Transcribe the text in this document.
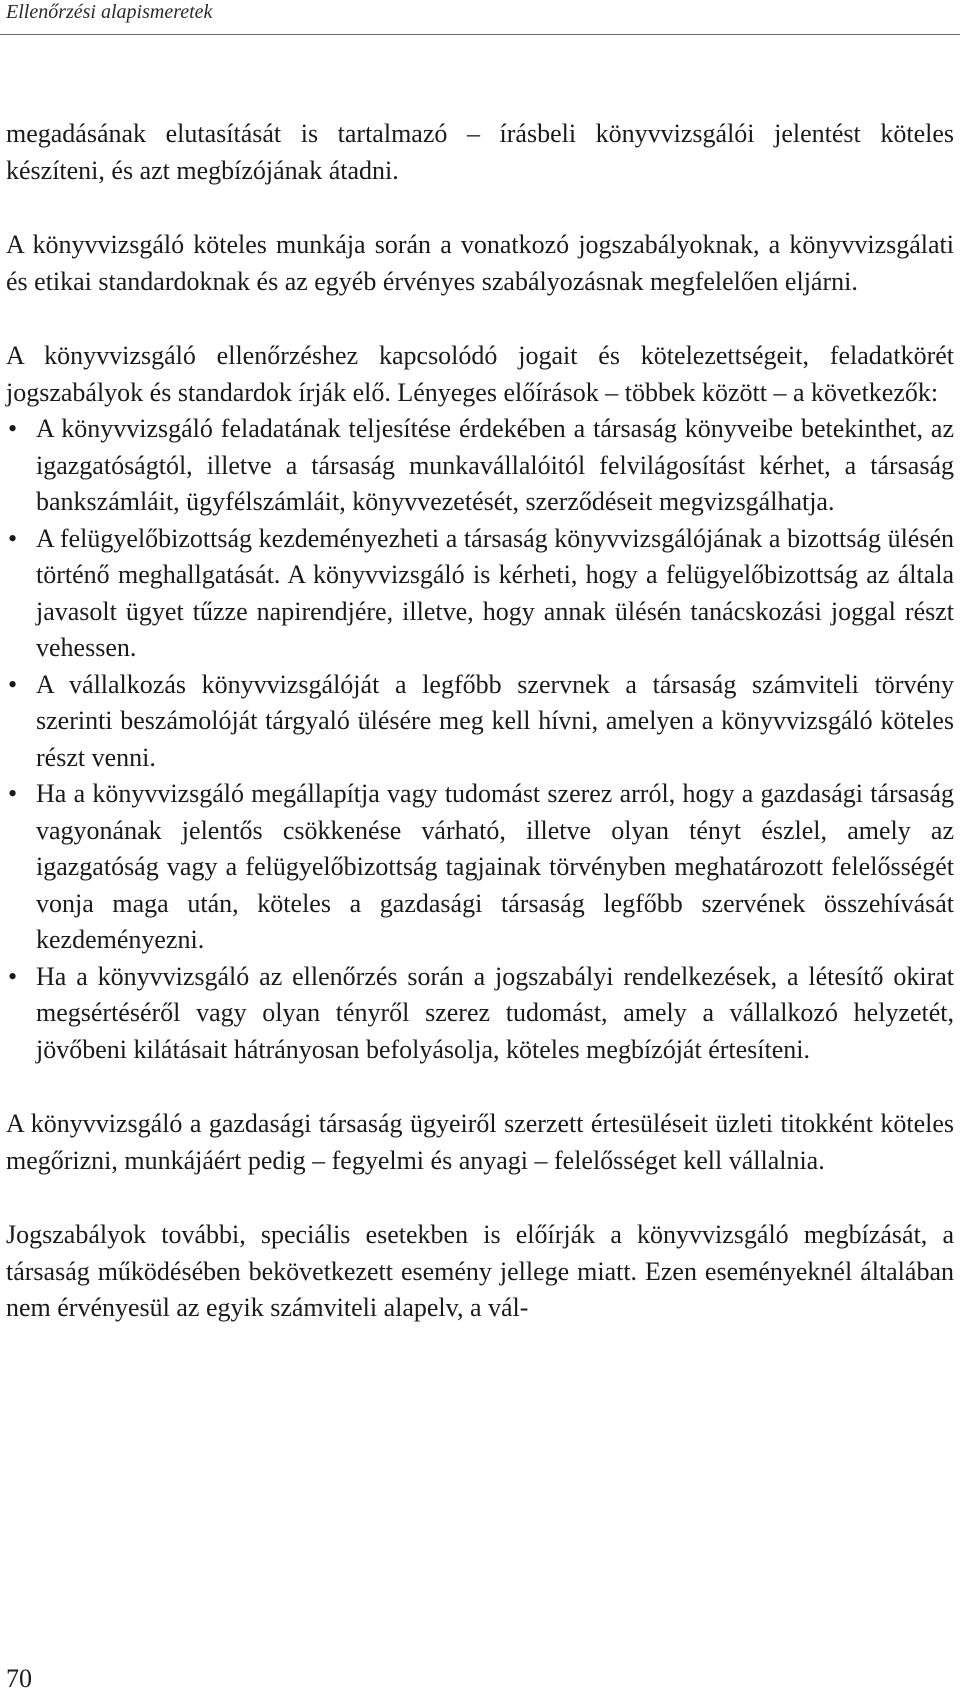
Ellenőrzési alapismeretek

megadásának elutasítását is tartalmazó – írásbeli könyvvizsgálói jelentést köteles készíteni, és azt megbízójának átadni.

A könyvvizsgáló köteles munkája során a vonatkozó jogszabályoknak, a könyvvizsgálati és etikai standardoknak és az egyéb érvényes szabályozásnak megfelelően eljárni.

A könyvvizsgáló ellenőrzéshez kapcsolódó jogait és kötelezettségeit, feladatkörét jogszabályok és standardok írják elő. Lényeges előírások – többek között – a következők:

• A könyvvizsgáló feladatának teljesítése érdekében a társaság könyveibe betekinthet, az igazgatóságtól, illetve a társaság munkavállalóitól felvilágosítást kérhet, a társaság bankszámláit, ügyfélszámláit, könyvvezetését, szerződéseit megvizsgálhatja.
• A felügyelőbizottság kezdeményezheti a társaság könyvvizsgálójának a bizottság ülésén történő meghallgatását. A könyvvizsgáló is kérheti, hogy a felügyelőbizottság az általa javasolt ügyet tűzze napirendjére, illetve, hogy annak ülésén tanácskozási joggal részt vehessen.
• A vállalkozás könyvvizsgálóját a legfőbb szervnek a társaság számviteli törvény szerinti beszámolóját tárgyaló ülésére meg kell hívni, amelyen a könyvvizsgáló köteles részt venni.
• Ha a könyvvizsgáló megállapítja vagy tudomást szerez arról, hogy a gazdasági társaság vagyonának jelentős csökkenése várható, illetve olyan tényt észlel, amely az igazgatóság vagy a felügyelőbizottság tagjainak törvényben meghatározott felelősségét vonja maga után, köteles a gazdasági társaság legfőbb szervének összehívását kezdeményezni.
• Ha a könyvvizsgáló az ellenőrzés során a jogszabályi rendelkezések, a létesítő okirat megsértéséről vagy olyan tényről szerez tudomást, amely a vállalkozó helyzetét, jövőbeni kilátásait hátrányosan befolyásolja, köteles megbízóját értesíteni.

A könyvvizsgáló a gazdasági társaság ügyeiről szerzett értesüléseit üzleti titokként köteles megőrizni, munkájáért pedig – fegyelmi és anyagi – felelősséget kell vállalnia.

Jogszabályok további, speciális esetekben is előírják a könyvvizsgáló megbízását, a társaság működésében bekövetkezett esemény jellege miatt. Ezen eseményeknél általában nem érvényesül az egyik számviteli alapelv, a vál-

70
